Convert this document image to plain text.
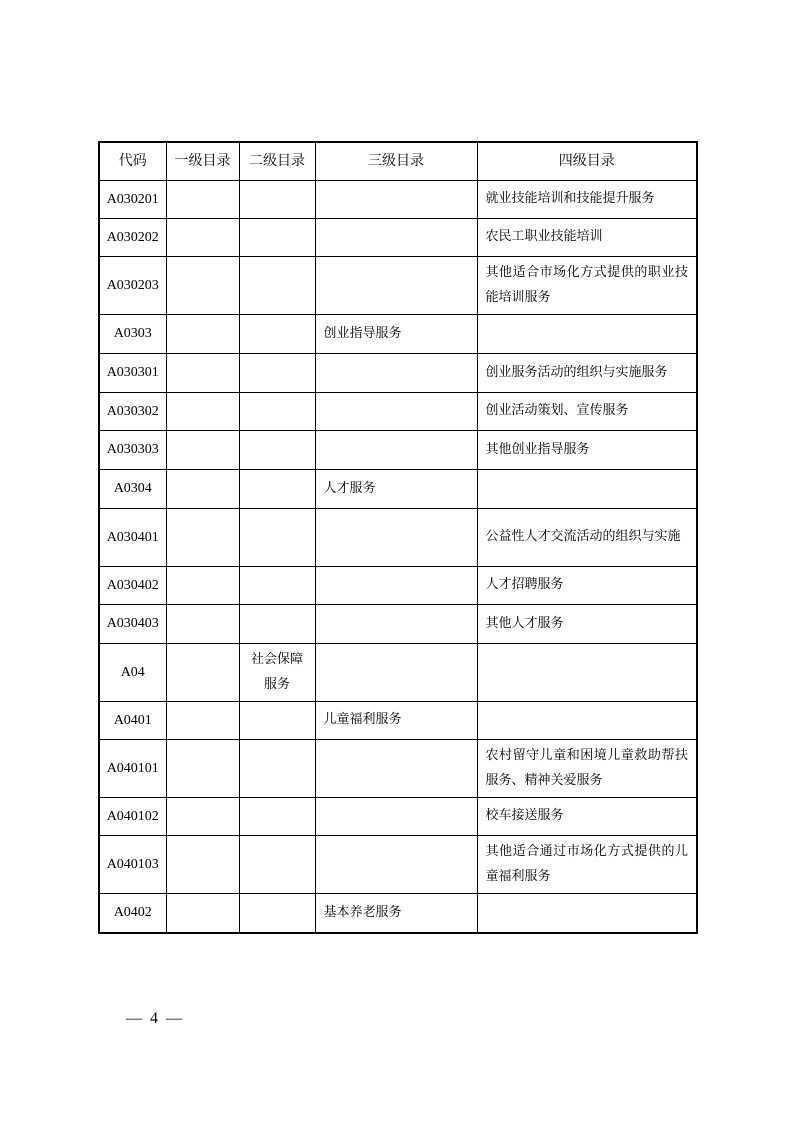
代码	一级目录	二级目录	三级目录	四级目录
A030201				就业技能培训和技能提升服务
A030202				农民工职业技能培训
A030203				其他适合市场化方式提供的职业技能培训服务
A0303			创业指导服务	
A030301				创业服务活动的组织与实施服务
A030302				创业活动策划、宣传服务
A030303				其他创业指导服务
A0304			人才服务	
A030401				公益性人才交流活动的组织与实施
A030402				人才招聘服务
A030403				其他人才服务
A04		社会保障服务		
A0401			儿童福利服务	
A040101				农村留守儿童和困境儿童救助帮扶服务、精神关爱服务
A040102				校车接送服务
A040103				其他适合通过市场化方式提供的儿童福利服务
A0402			基本养老服务	
— 4 —
